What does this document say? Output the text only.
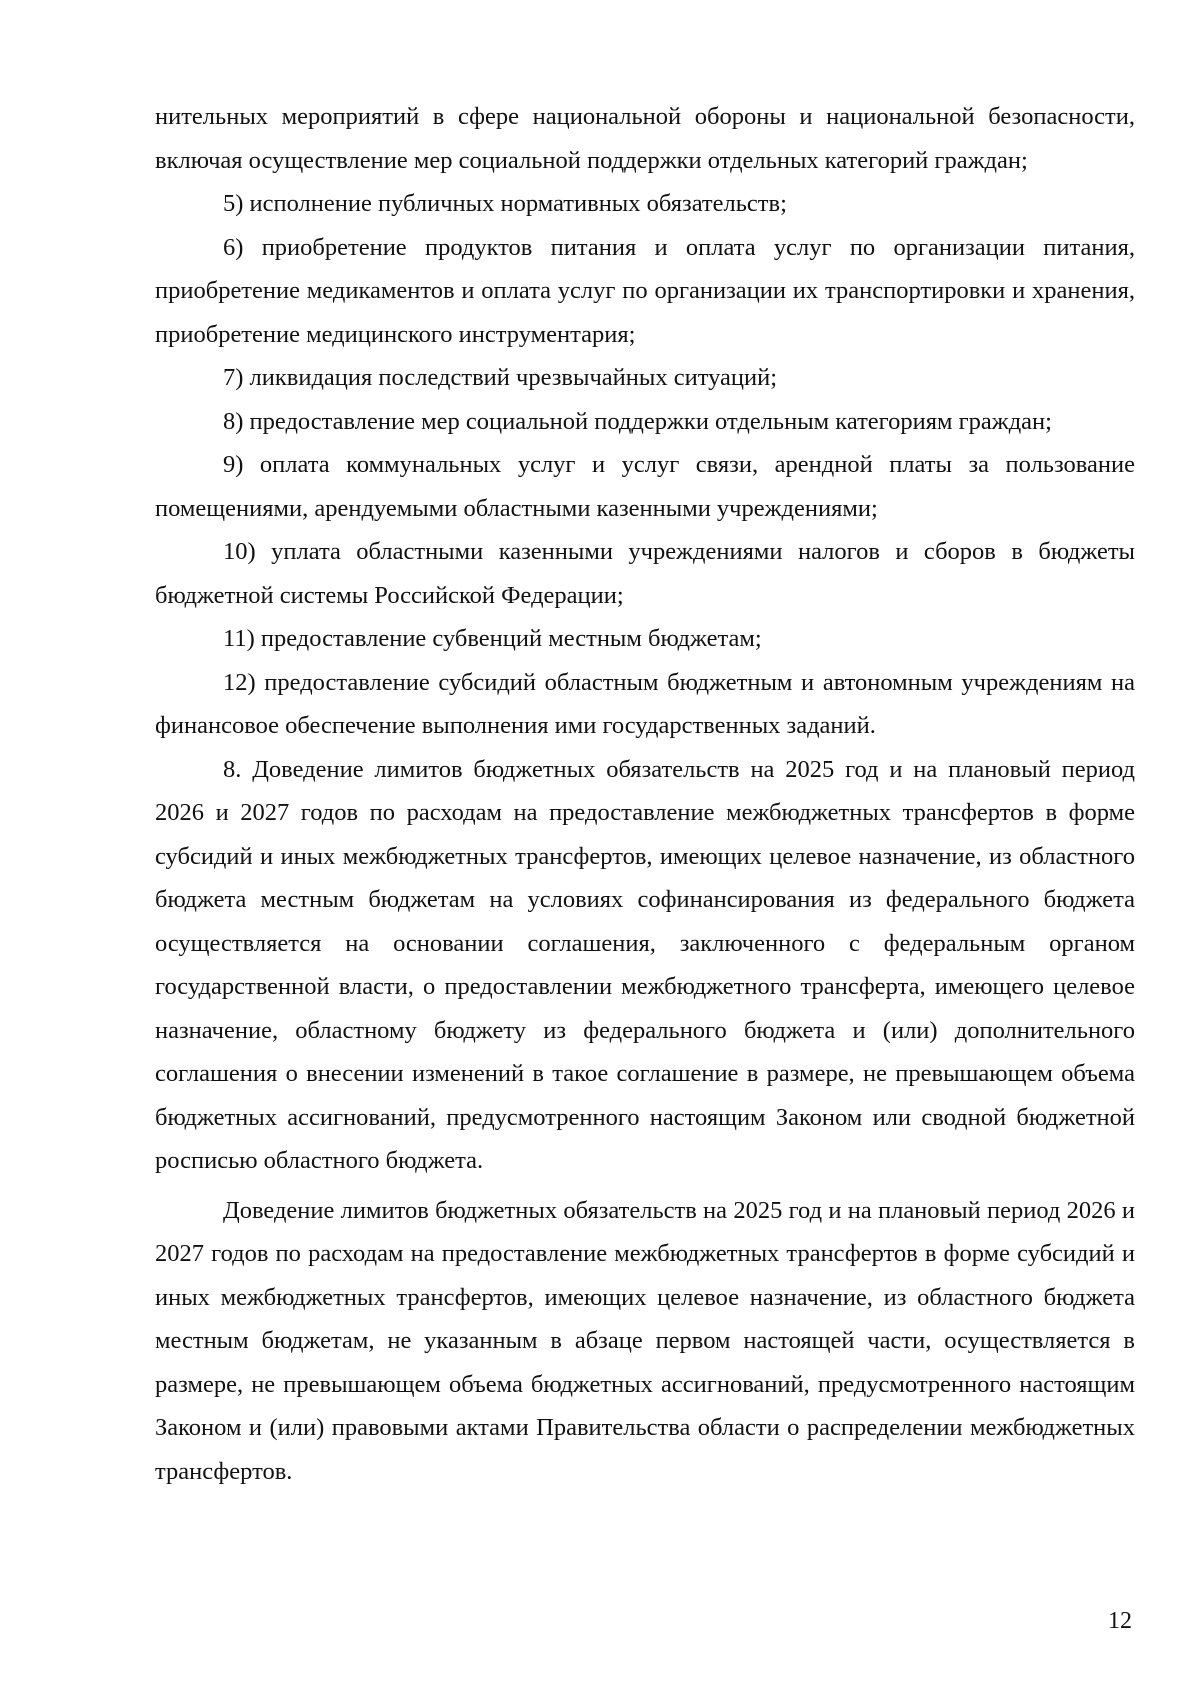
нительных мероприятий в сфере национальной обороны и национальной безопасности, включая осуществление мер социальной поддержки отдельных категорий граждан;

5) исполнение публичных нормативных обязательств;

6) приобретение продуктов питания и оплата услуг по организации питания, приобретение медикаментов и оплата услуг по организации их транспортировки и хранения, приобретение медицинского инструментария;

7) ликвидация последствий чрезвычайных ситуаций;

8) предоставление мер социальной поддержки отдельным категориям граждан;

9) оплата коммунальных услуг и услуг связи, арендной платы за пользование помещениями, арендуемыми областными казенными учреждениями;

10) уплата областными казенными учреждениями налогов и сборов в бюджеты бюджетной системы Российской Федерации;

11) предоставление субвенций местным бюджетам;

12) предоставление субсидий областным бюджетным и автономным учреждениям на финансовое обеспечение выполнения ими государственных заданий.

8. Доведение лимитов бюджетных обязательств на 2025 год и на плановый период 2026 и 2027 годов по расходам на предоставление межбюджетных трансфертов в форме субсидий и иных межбюджетных трансфертов, имеющих целевое назначение, из областного бюджета местным бюджетам на условиях софинансирования из федерального бюджета осуществляется на основании соглашения, заключенного с федеральным органом государственной власти, о предоставлении межбюджетного трансферта, имеющего целевое назначение, областному бюджету из федерального бюджета и (или) дополнительного соглашения о внесении изменений в такое соглашение в размере, не превышающем объема бюджетных ассигнований, предусмотренного настоящим Законом или сводной бюджетной росписью областного бюджета.

Доведение лимитов бюджетных обязательств на 2025 год и на плановый период 2026 и 2027 годов по расходам на предоставление межбюджетных трансфертов в форме субсидий и иных межбюджетных трансфертов, имеющих целевое назначение, из областного бюджета местным бюджетам, не указанным в абзаце первом настоящей части, осуществляется в размере, не превышающем объема бюджетных ассигнований, предусмотренного настоящим Законом и (или) правовыми актами Правительства области о распределении межбюджетных трансфертов.

12
